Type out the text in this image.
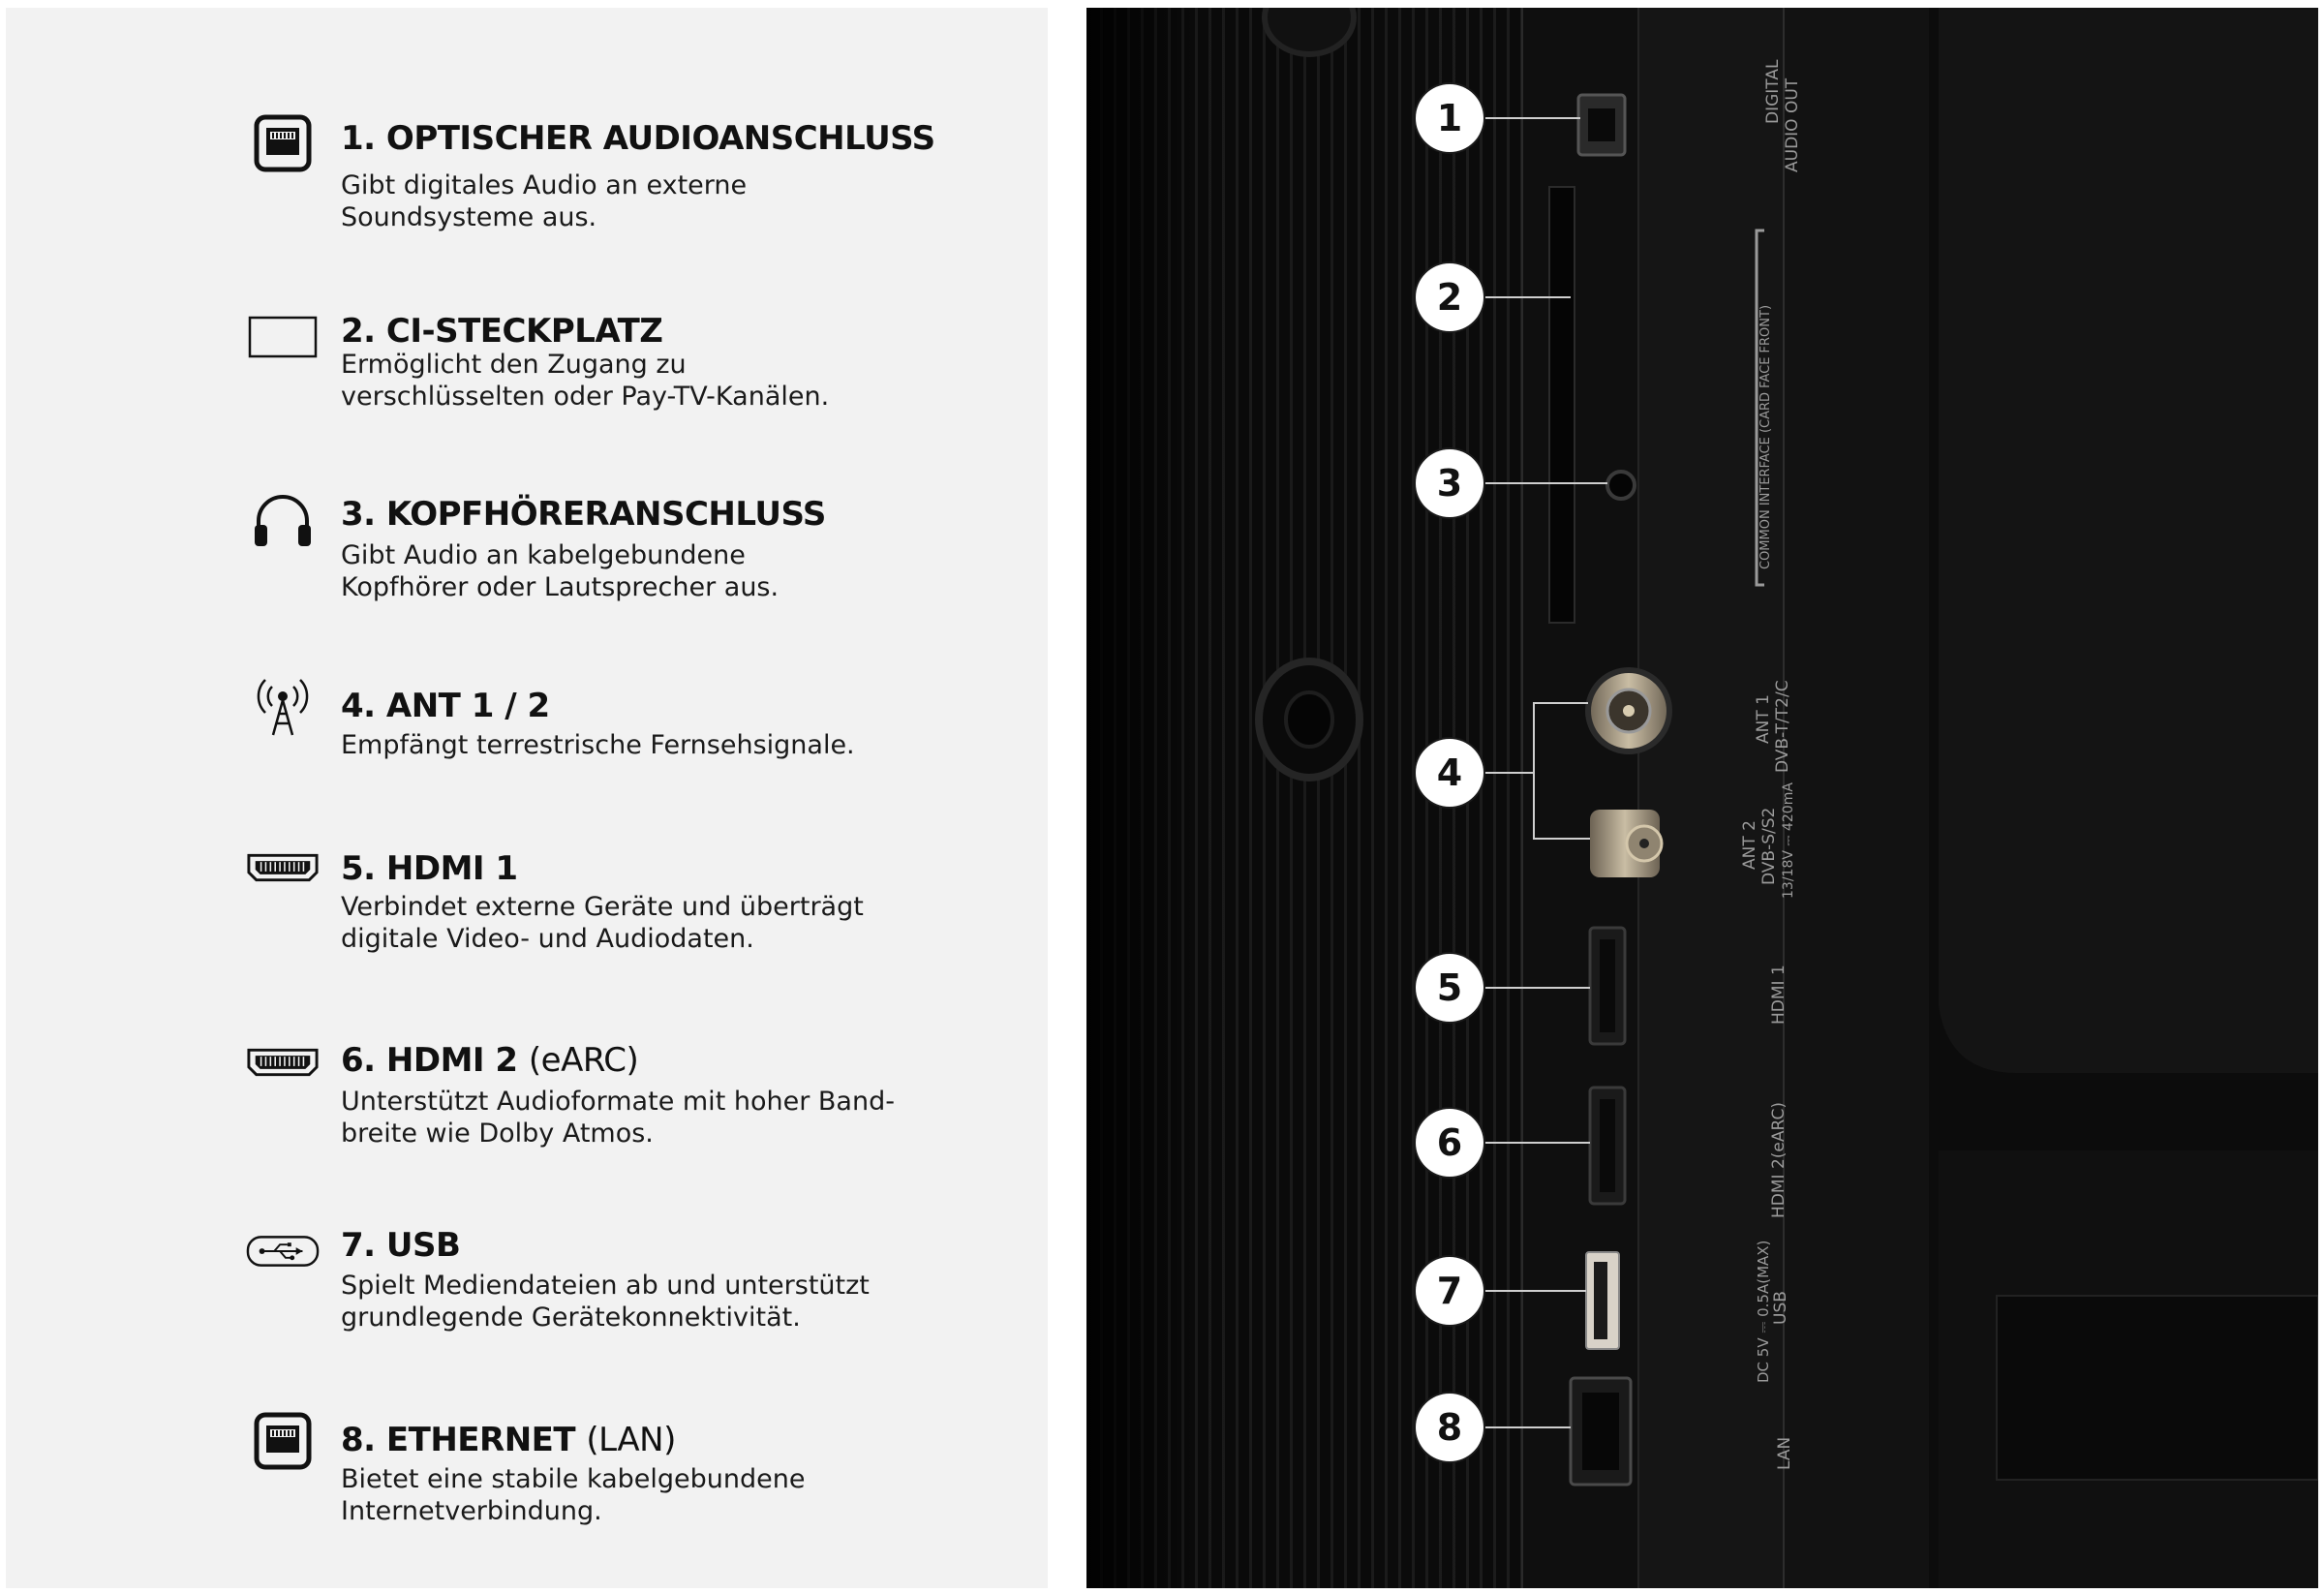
1. OPTISCHER AUDIOANSCHLUSS
Gibt digitales Audio an externe
Soundsysteme aus.
2. CI-STECKPLATZ
Ermöglicht den Zugang zu
verschlüsselten oder Pay-TV-Kanälen.
3. KOPFHÖRERANSCHLUSS
Gibt Audio an kabelgebundene
Kopfhörer oder Lautsprecher aus.
4. ANT 1 / 2
Empfängt terrestrische Fernsehsignale.
5. HDMI 1
Verbindet externe Geräte und überträgt
digitale Video- und Audiodaten.
6. HDMI 2 (eARC)
Unterstützt Audioformate mit hoher Band-
breite wie Dolby Atmos.
7. USB
Spielt Mediendateien ab und unterstützt
grundlegende Gerätekonnektivität.
8. ETHERNET (LAN)
Bietet eine stabile kabelgebundene
Internetverbindung.
1
2
3
4
5
6
7
8
DIGITAL AUDIO OUT
COMMON INTERFACE (CARD FACE FRONT)
ANT 1 DVB-T/T2/C
ANT 2 DVB-S/S2 13/18V ⎓ 420mA
HDMI 1
HDMI 2(eARC)
USB
DC 5V ⎓ 0.5A(MAX)
LAN
